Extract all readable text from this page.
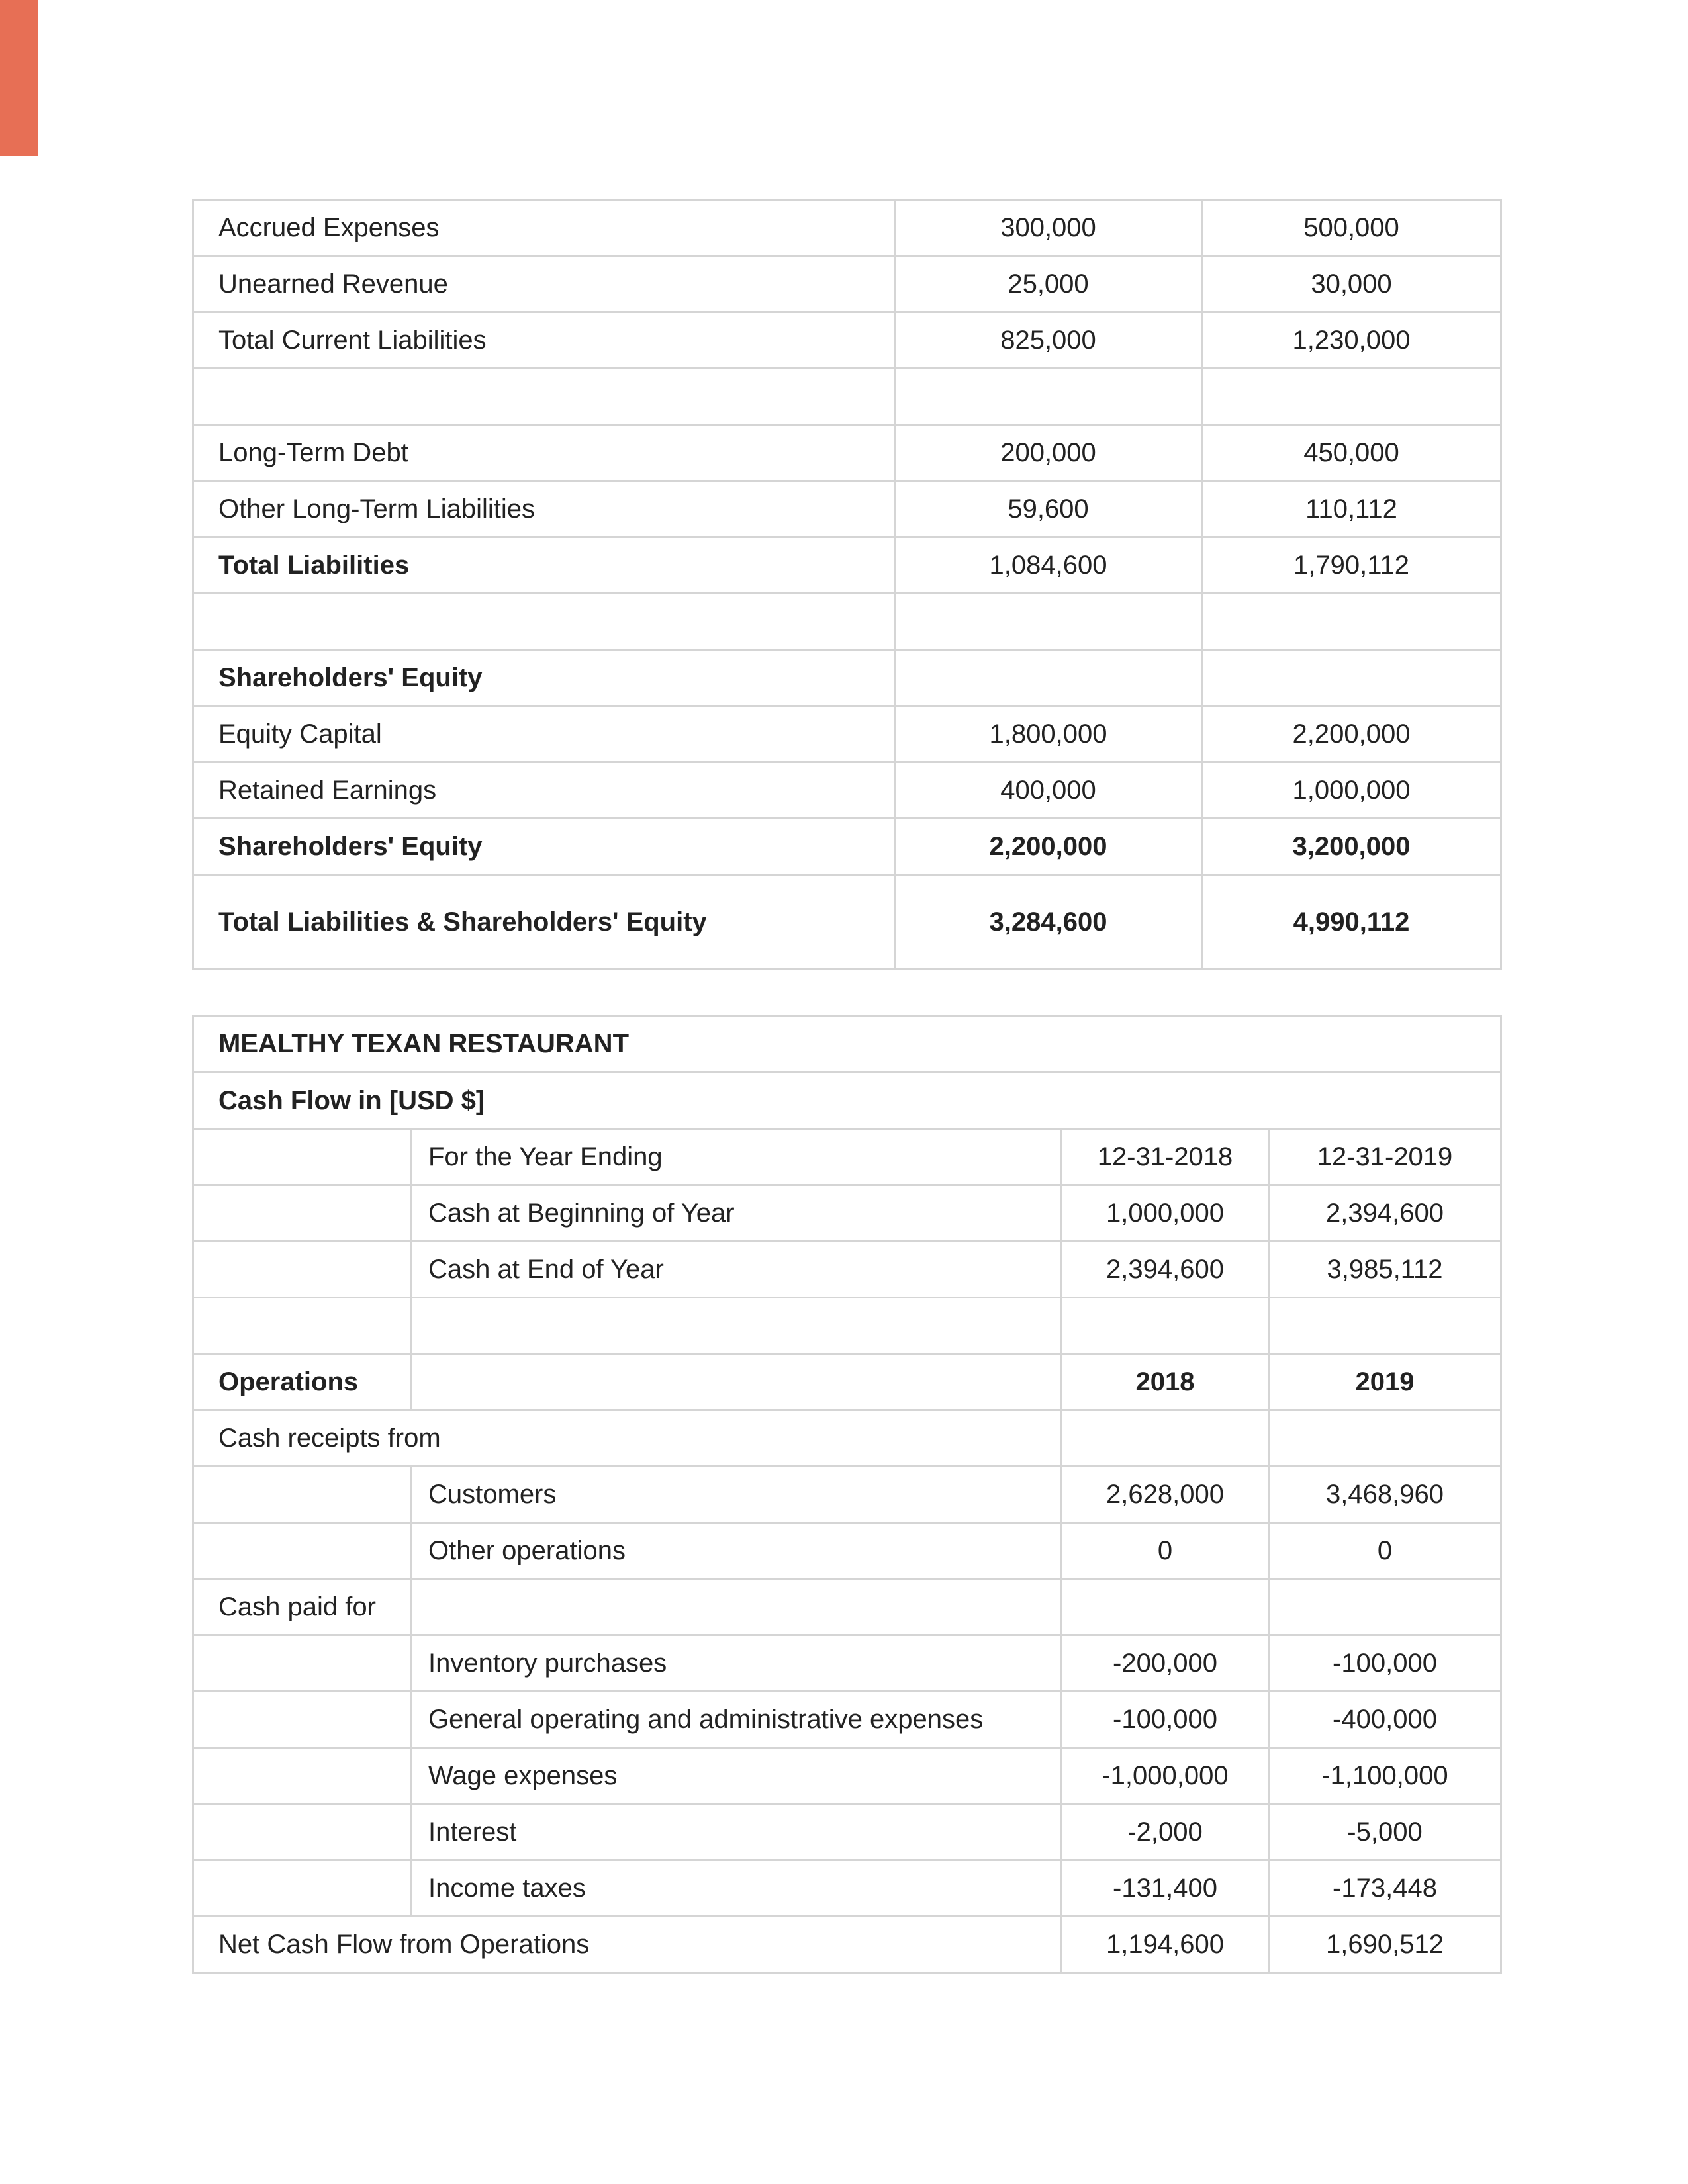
Accrued Expenses	300,000	500,000
Unearned Revenue	25,000	30,000
Total Current Liabilities	825,000	1,230,000

Long-Term Debt	200,000	450,000
Other Long-Term Liabilities	59,600	110,112
Total Liabilities	1,084,600	1,790,112

Shareholders' Equity		
Equity Capital	1,800,000	2,200,000
Retained Earnings	400,000	1,000,000
Shareholders' Equity	2,200,000	3,200,000
Total Liabilities & Shareholders' Equity	3,284,600	4,990,112
MEALTHY TEXAN RESTAURANT			
Cash Flow in [USD $]			
	For the Year Ending	12-31-2018	12-31-2019
	Cash at Beginning of Year	1,000,000	2,394,600
	Cash at End of Year	2,394,600	3,985,112

Operations		2018	2019
Cash receipts from			
	Customers	2,628,000	3,468,960
	Other operations	0	0
Cash paid for			
	Inventory purchases	-200,000	-100,000
	General operating and administrative expenses	-100,000	-400,000
	Wage expenses	-1,000,000	-1,100,000
	Interest	-2,000	-5,000
	Income taxes	-131,400	-173,448
Net Cash Flow from Operations		1,194,600	1,690,512
